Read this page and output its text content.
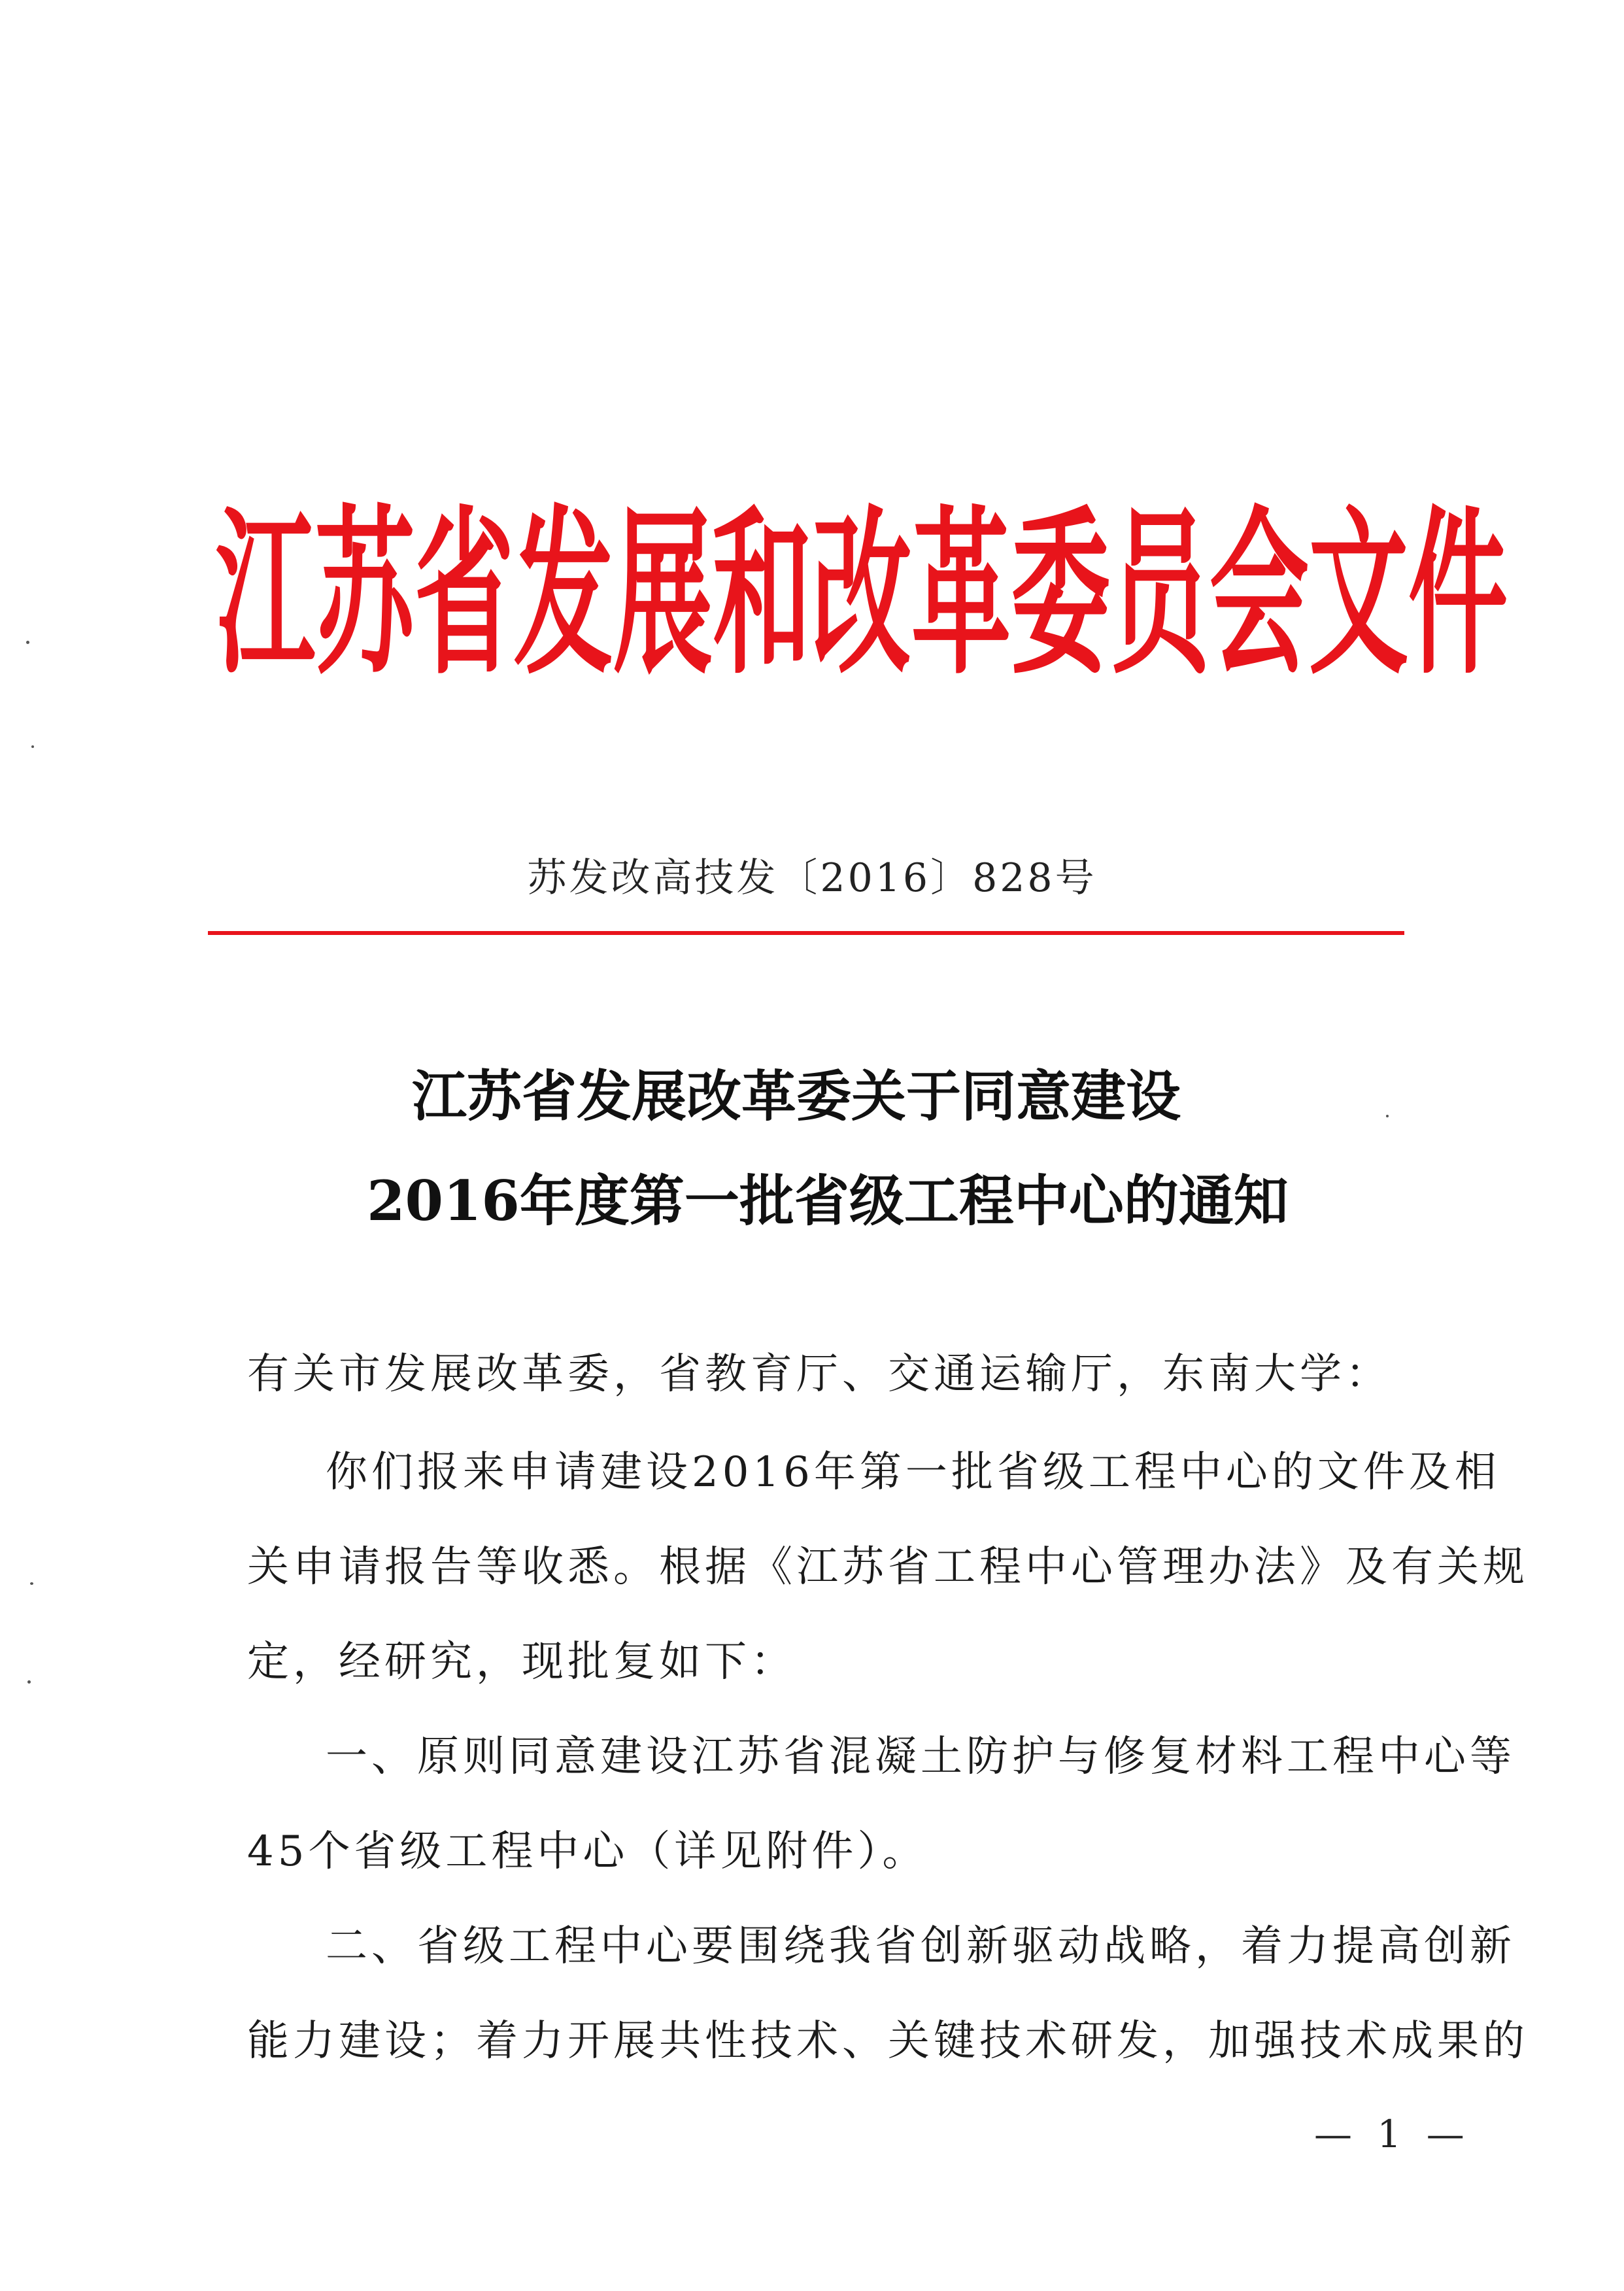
江 苏 省 发 展 和 改 革 委 员 会 文 件
苏发改高技发〔2016〕828号
江苏省发展改革委关于同意建设
2016年度第一批省级工程中心的通知
有关市发展改革委，省教育厅、交通运输厅，东南大学：
你们报来申请建设2016年第一批省级工程中心的文件及相
关申请报告等收悉。根据《江苏省工程中心管理办法》及有关规
定，经研究，现批复如下：
一、原则同意建设江苏省混凝土防护与修复材料工程中心等
45个省级工程中心（详见附件）。
二、省级工程中心要围绕我省创新驱动战略，着力提高创新
能力建设；着力开展共性技术、关键技术研发，加强技术成果的
— 1 —
